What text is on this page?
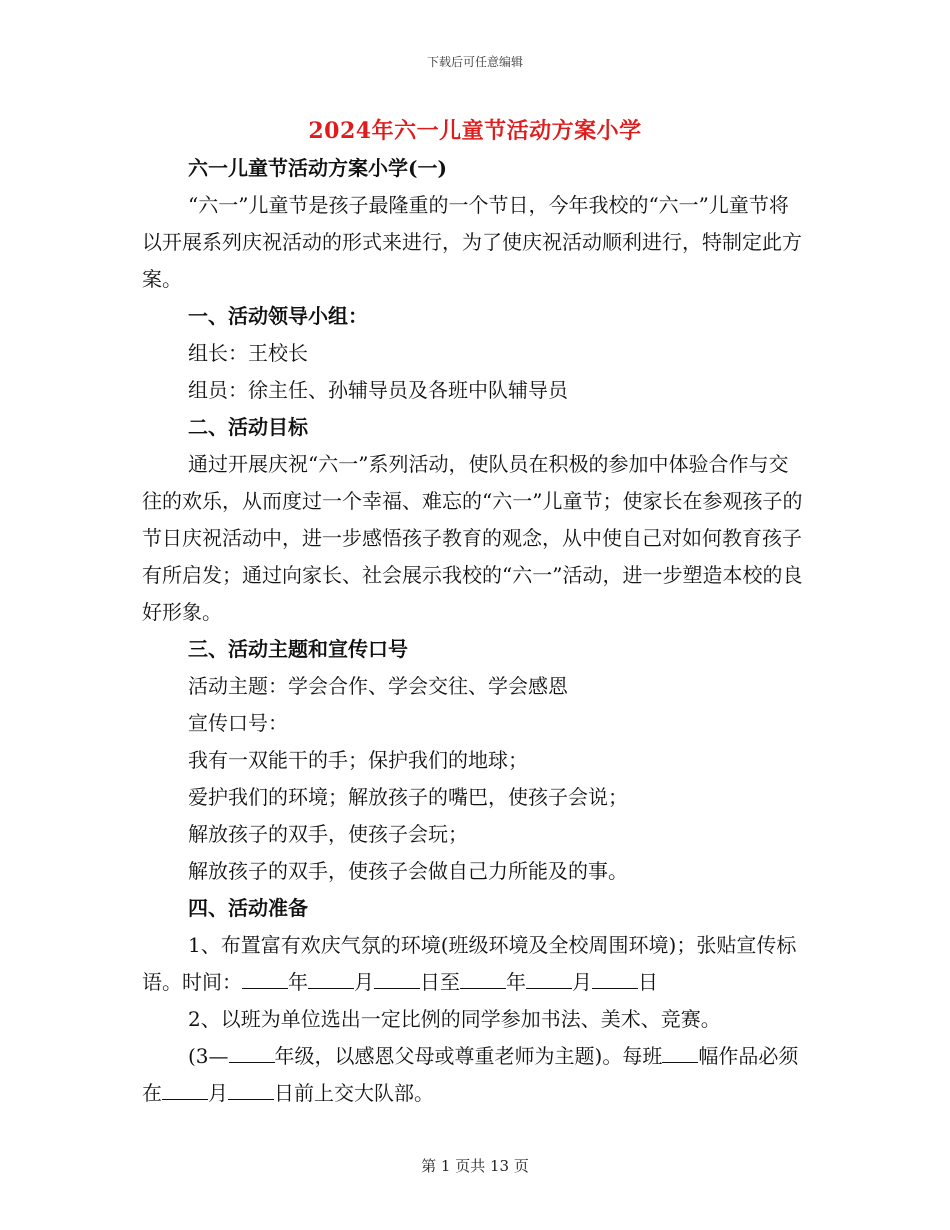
下载后可任意编辑
2024年六一儿童节活动方案小学

六一儿童节活动方案小学(一)

“六一”儿童节是孩子最隆重的一个节日，今年我校的“六一”儿童节将以开展系列庆祝活动的形式来进行，为了使庆祝活动顺利进行，特制定此方案。

一、活动领导小组：

组长：王校长

组员：徐主任、孙辅导员及各班中队辅导员

二、活动目标

通过开展庆祝“六一”系列活动，使队员在积极的参加中体验合作与交往的欢乐，从而度过一个幸福、难忘的“六一”儿童节；使家长在参观孩子的节日庆祝活动中，进一步感悟孩子教育的观念，从中使自己对如何教育孩子有所启发；通过向家长、社会展示我校的“六一”活动，进一步塑造本校的良好形象。

三、活动主题和宣传口号

活动主题：学会合作、学会交往、学会感恩

宣传口号：

我有一双能干的手；保护我们的地球；

爱护我们的环境；解放孩子的嘴巴，使孩子会说；

解放孩子的双手，使孩子会玩；

解放孩子的双手，使孩子会做自己力所能及的事。

四、活动准备

1、布置富有欢庆气氛的环境(班级环境及全校周围环境)；张贴宣传标语。时间： 年 月 日至 年 月 日

2、以班为单位选出一定比例的同学参加书法、美术、竞赛。

(3— 年级，以感恩父母或尊重老师为主题)。每班 幅作品必须在 月 日前上交大队部。

第 1 页共 13 页
